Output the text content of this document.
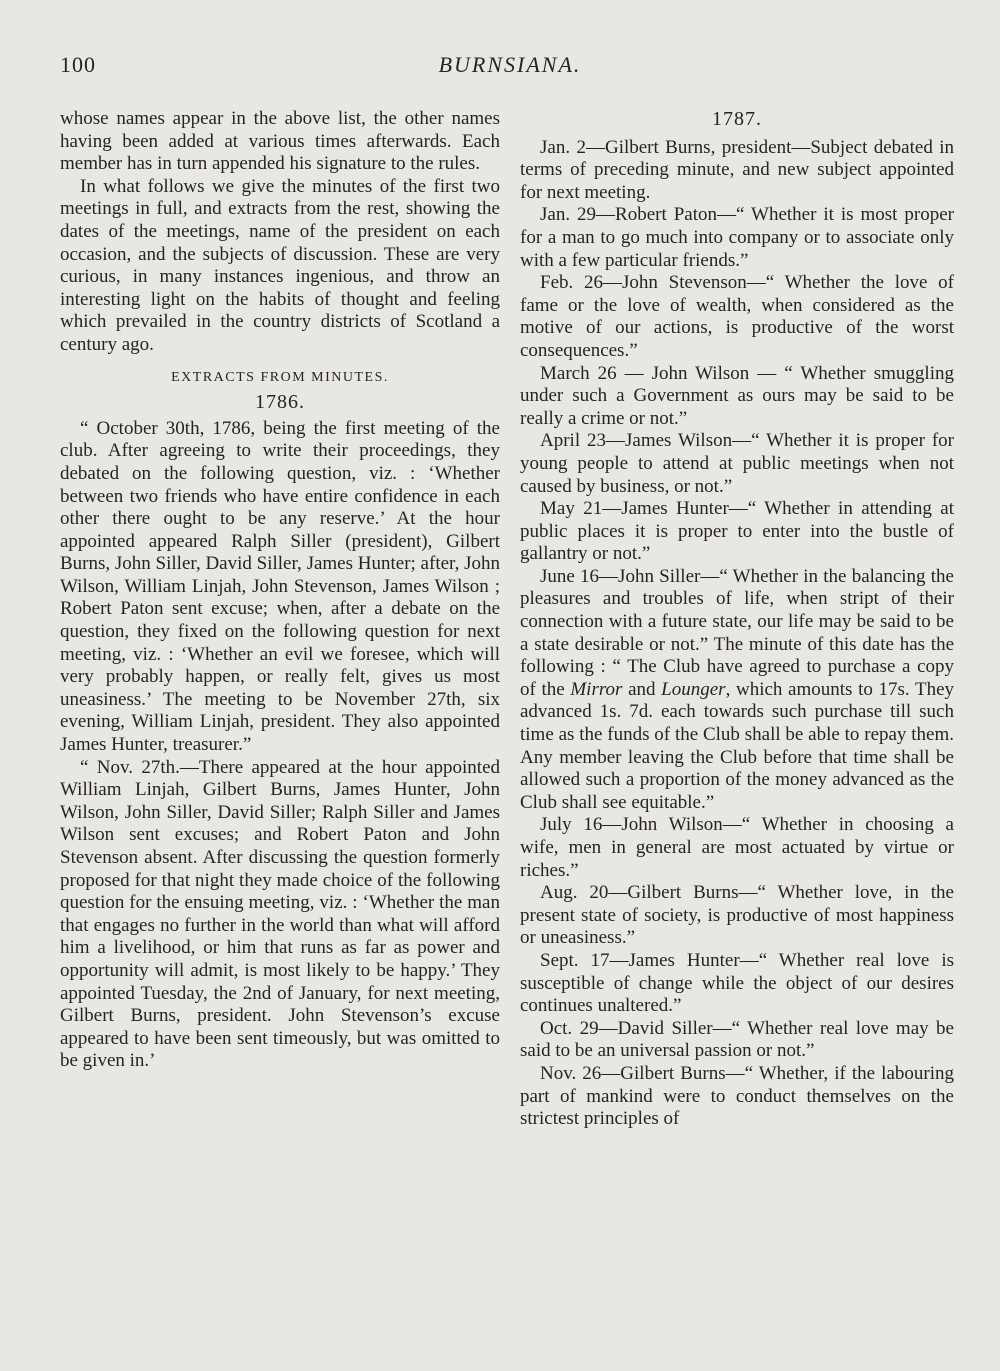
100	BURNSIANA.

whose names appear in the above list, the other names having been added at various times afterwards. Each member has in turn appended his signature to the rules.

In what follows we give the minutes of the first two meetings in full, and extracts from the rest, showing the dates of the meetings, name of the president on each occasion, and the subjects of discussion. These are very curious, in many instances ingenious, and throw an interesting light on the habits of thought and feeling which prevailed in the country districts of Scotland a century ago.

EXTRACTS FROM MINUTES.
1786.

“ October 30th, 1786, being the first meeting of the club. After agreeing to write their proceedings, they debated on the following question, viz. : ‘Whether between two friends who have entire confidence in each other there ought to be any reserve.’ At the hour appointed appeared Ralph Siller (president), Gilbert Burns, John Siller, David Siller, James Hunter; after, John Wilson, William Linjah, John Stevenson, James Wilson ; Robert Paton sent excuse; when, after a debate on the question, they fixed on the following question for next meeting, viz. : ‘Whether an evil we foresee, which will very probably happen, or really felt, gives us most uneasiness.’ The meeting to be November 27th, six evening, William Linjah, president. They also appointed James Hunter, treasurer.”

“ Nov. 27th.—There appeared at the hour appointed William Linjah, Gilbert Burns, James Hunter, John Wilson, John Siller, David Siller; Ralph Siller and James Wilson sent excuses; and Robert Paton and John Stevenson absent. After discussing the question formerly proposed for that night they made choice of the following question for the ensuing meeting, viz. : ‘Whether the man that engages no further in the world than what will afford him a livelihood, or him that runs as far as power and opportunity will admit, is most likely to be happy.’ They appointed Tuesday, the 2nd of January, for next meeting, Gilbert Burns, president. John Stevenson’s excuse appeared to have been sent timeously, but was omitted to be given in.’

1787.

Jan. 2—Gilbert Burns, president—Subject debated in terms of preceding minute, and new subject appointed for next meeting.

Jan. 29—Robert Paton—“ Whether it is most proper for a man to go much into company or to associate only with a few particular friends.”

Feb. 26—John Stevenson—“ Whether the love of fame or the love of wealth, when considered as the motive of our actions, is productive of the worst consequences.”

March 26 — John Wilson — “ Whether smuggling under such a Government as ours may be said to be really a crime or not.”

April 23—James Wilson—“ Whether it is proper for young people to attend at public meetings when not caused by business, or not.”

May 21—James Hunter—“ Whether in attending at public places it is proper to enter into the bustle of gallantry or not.”

June 16—John Siller—“ Whether in the balancing the pleasures and troubles of life, when stript of their connection with a future state, our life may be said to be a state desirable or not.” The minute of this date has the following : “ The Club have agreed to purchase a copy of the Mirror and Lounger, which amounts to 17s. They advanced 1s. 7d. each towards such purchase till such time as the funds of the Club shall be able to repay them. Any member leaving the Club before that time shall be allowed such a proportion of the money advanced as the Club shall see equitable.”

July 16—John Wilson—“ Whether in choosing a wife, men in general are most actuated by virtue or riches.”

Aug. 20—Gilbert Burns—“ Whether love, in the present state of society, is productive of most happiness or uneasiness.”

Sept. 17—James Hunter—“ Whether real love is susceptible of change while the object of our desires continues unaltered.”

Oct. 29—David Siller—“ Whether real love may be said to be an universal passion or not.”

Nov. 26—Gilbert Burns—“ Whether, if the labouring part of mankind were to conduct themselves on the strictest principles of
